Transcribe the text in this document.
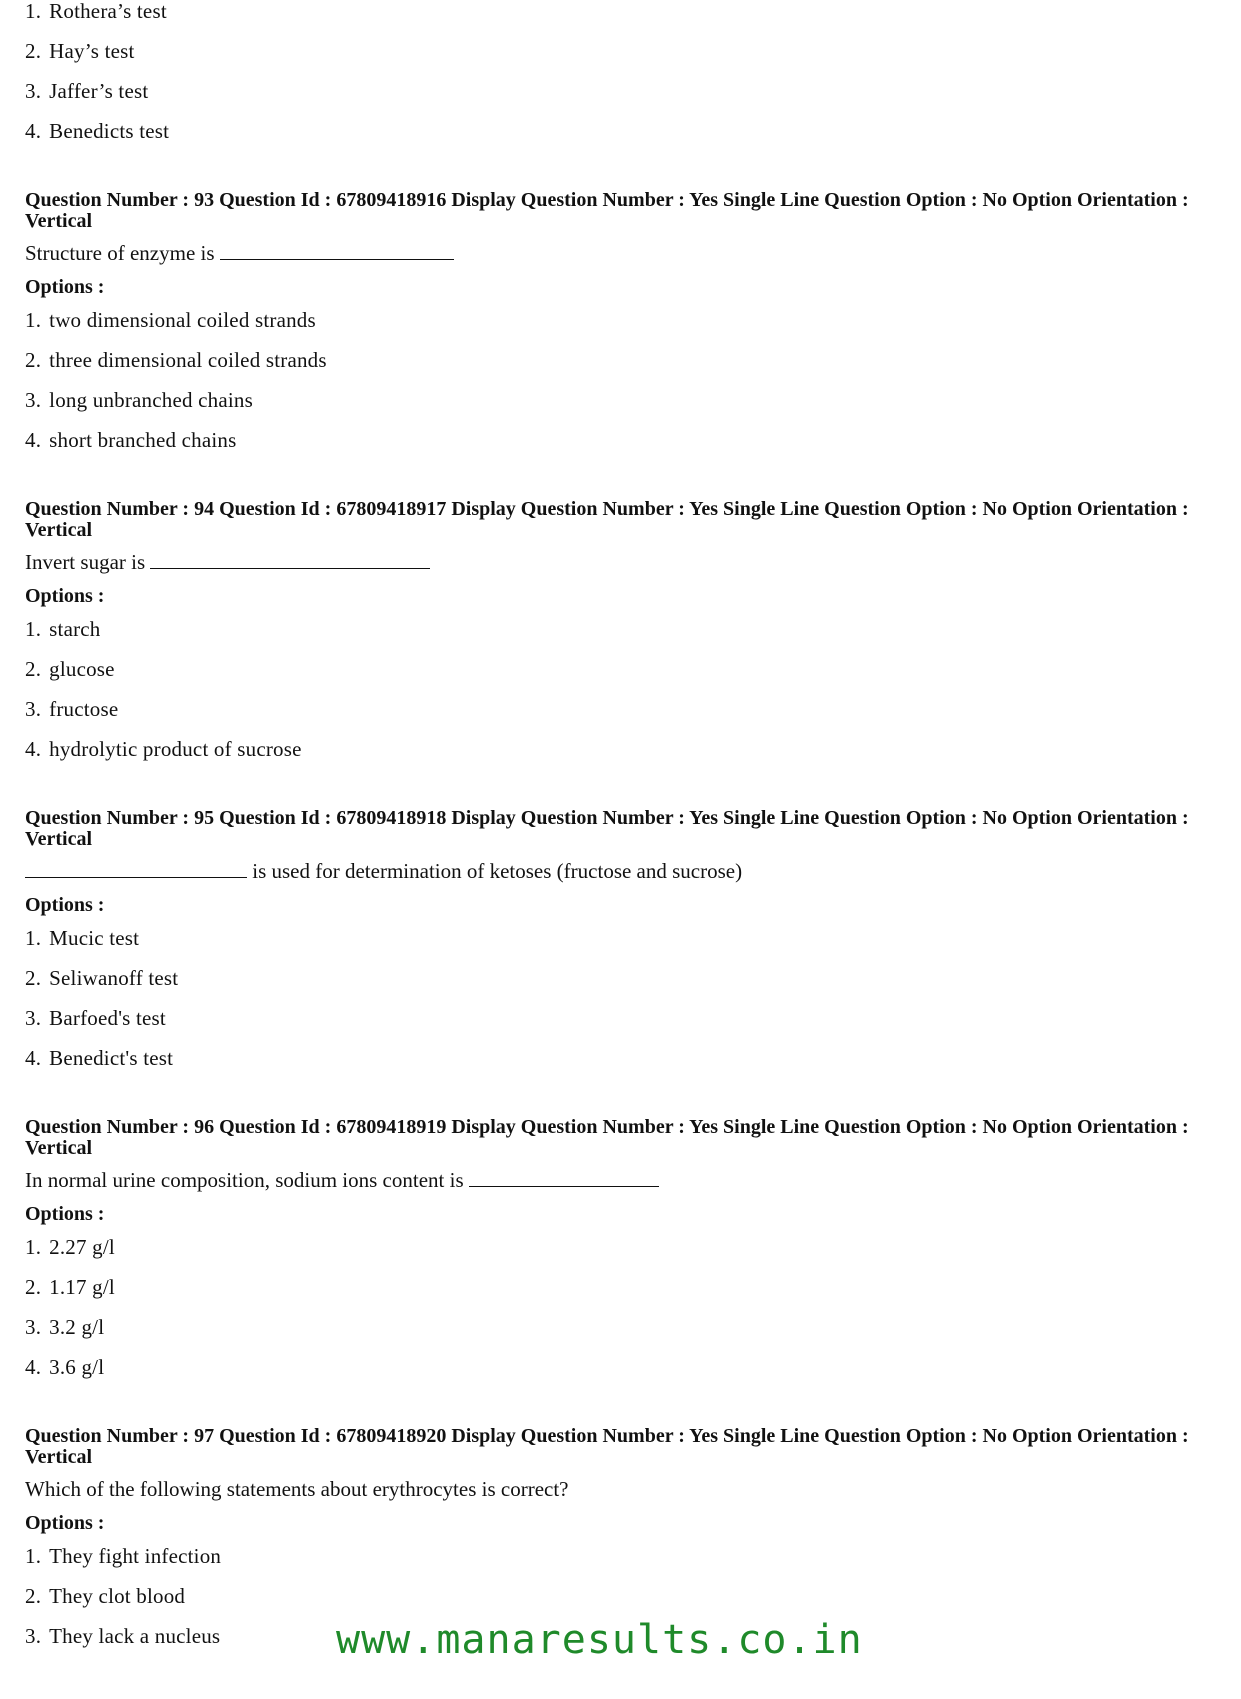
1. Rothera’s test
2. Hay’s test
3. Jaffer’s test
4. Benedicts test
Question Number : 93 Question Id : 67809418916 Display Question Number : Yes Single Line Question Option : No Option Orientation : Vertical
Structure of enzyme is
Options :
1. two dimensional coiled strands
2. three dimensional coiled strands
3. long unbranched chains
4. short branched chains
Question Number : 94 Question Id : 67809418917 Display Question Number : Yes Single Line Question Option : No Option Orientation : Vertical
Invert sugar is
Options :
1. starch
2. glucose
3. fructose
4. hydrolytic product of sucrose
Question Number : 95 Question Id : 67809418918 Display Question Number : Yes Single Line Question Option : No Option Orientation : Vertical
is used for determination of ketoses (fructose and sucrose)
Options :
1. Mucic test
2. Seliwanoff test
3. Barfoed's test
4. Benedict's test
Question Number : 96 Question Id : 67809418919 Display Question Number : Yes Single Line Question Option : No Option Orientation : Vertical
In normal urine composition, sodium ions content is
Options :
1. 2.27 g/l
2. 1.17 g/l
3. 3.2 g/l
4. 3.6 g/l
Question Number : 97 Question Id : 67809418920 Display Question Number : Yes Single Line Question Option : No Option Orientation : Vertical
Which of the following statements about erythrocytes is correct?
Options :
1. They fight infection
2. They clot blood
3. They lack a nucleus	www.manaresults.co.in
